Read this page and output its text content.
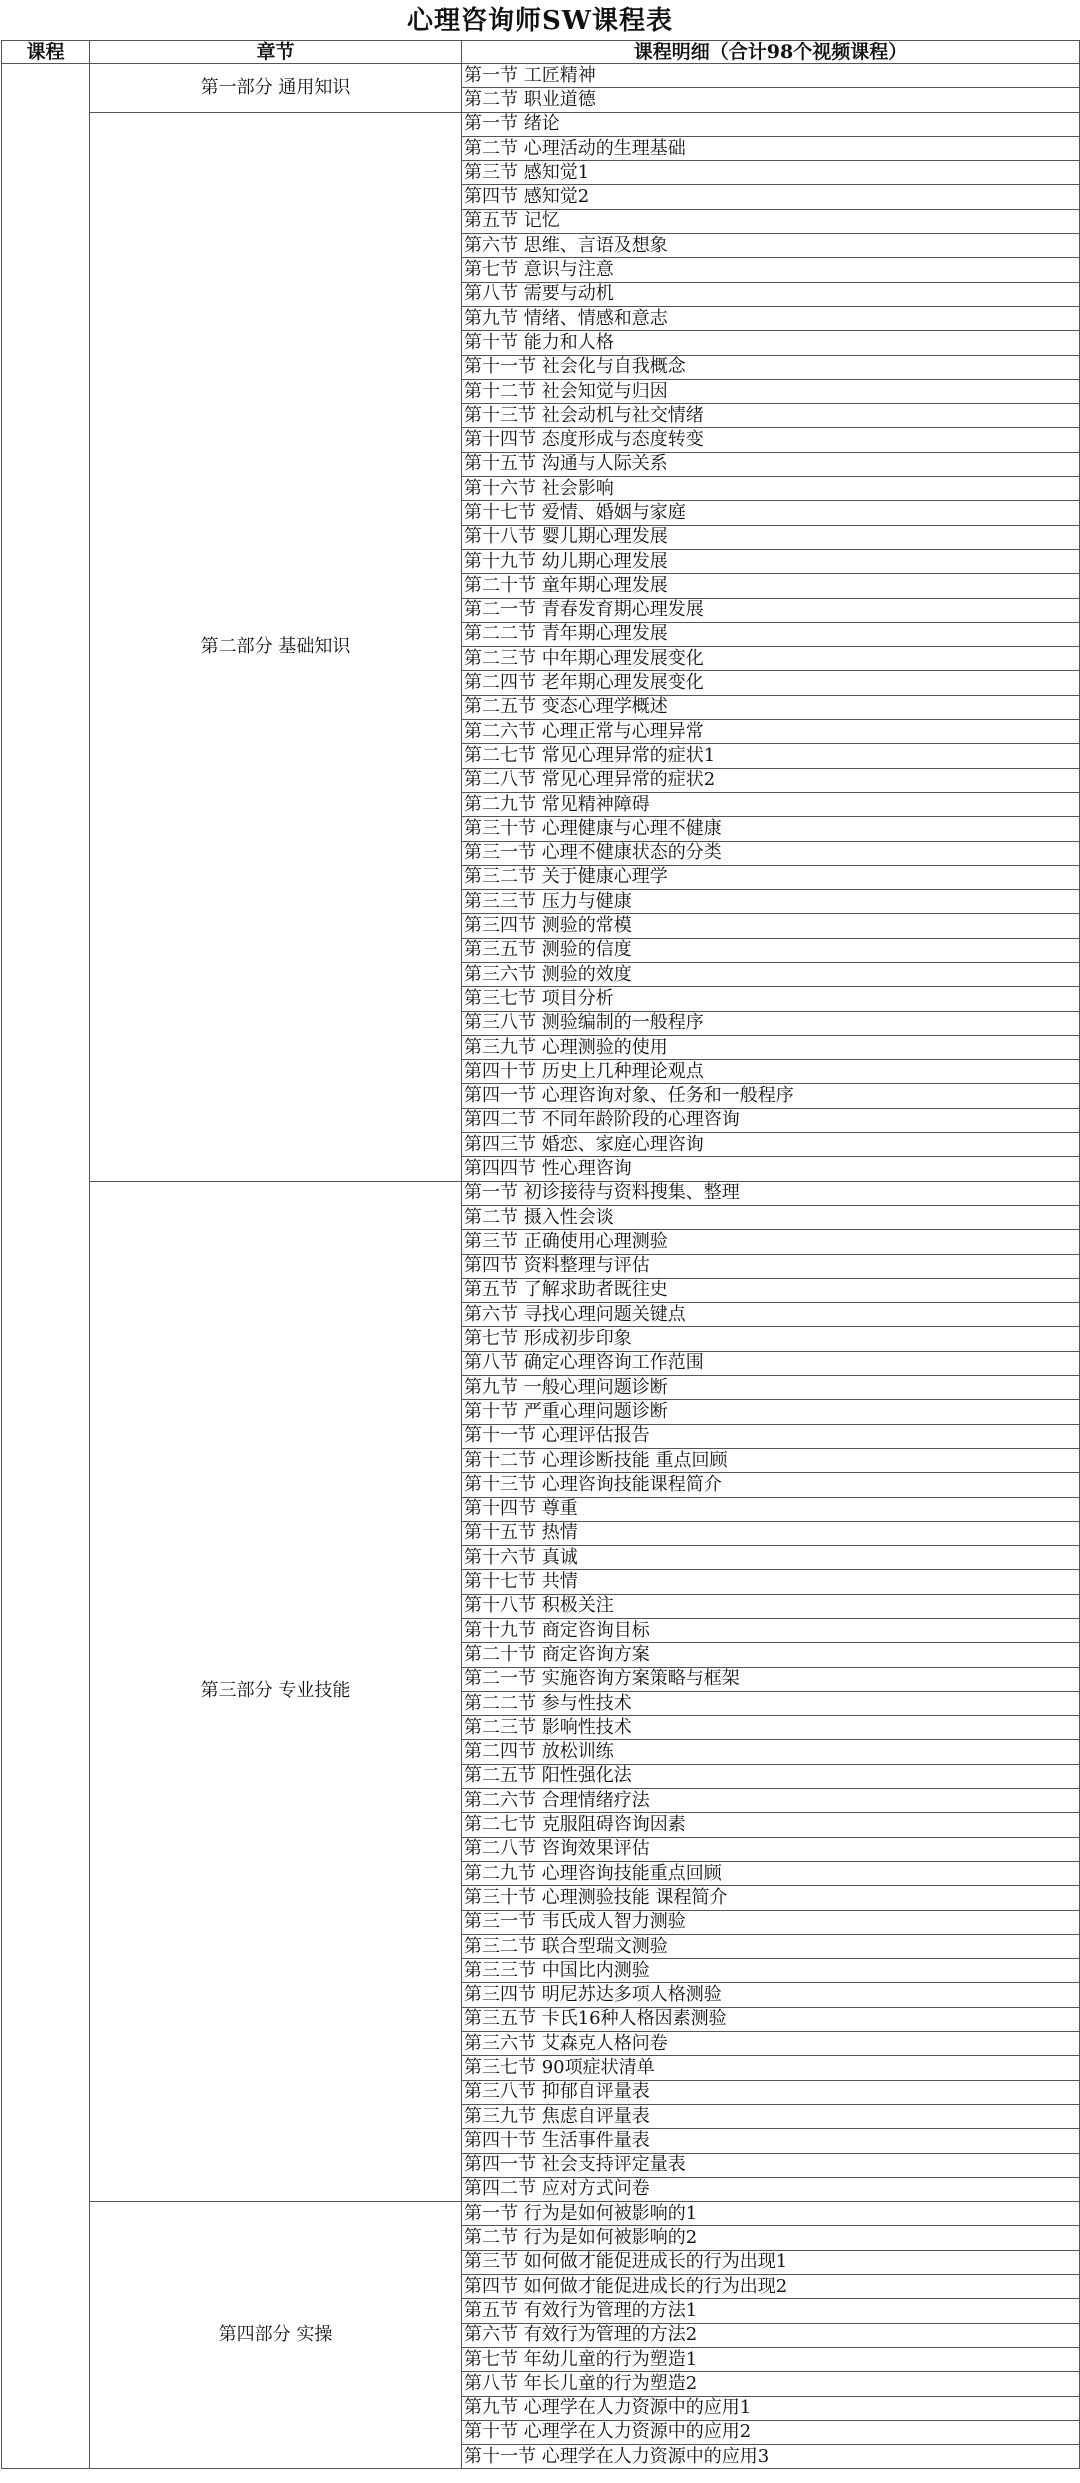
心理咨询师SW课程表
课程	章节	课程明细（合计98个视频课程）
	第一部分 通用知识	第一节 工匠精神
		第二节 职业道德
	第二部分 基础知识	第一节 绪论
		第二节 心理活动的生理基础
		第三节 感知觉1
		第四节 感知觉2
		第五节 记忆
		第六节 思维、言语及想象
		第七节 意识与注意
		第八节 需要与动机
		第九节 情绪、情感和意志
		第十节 能力和人格
		第十一节 社会化与自我概念
		第十二节 社会知觉与归因
		第十三节 社会动机与社交情绪
		第十四节 态度形成与态度转变
		第十五节 沟通与人际关系
		第十六节 社会影响
		第十七节 爱情、婚姻与家庭
		第十八节 婴儿期心理发展
		第十九节 幼儿期心理发展
		第二十节 童年期心理发展
		第二一节 青春发育期心理发展
		第二二节 青年期心理发展
		第二三节 中年期心理发展变化
		第二四节 老年期心理发展变化
		第二五节 变态心理学概述
		第二六节 心理正常与心理异常
		第二七节 常见心理异常的症状1
		第二八节 常见心理异常的症状2
		第二九节 常见精神障碍
		第三十节 心理健康与心理不健康
		第三一节 心理不健康状态的分类
		第三二节 关于健康心理学
		第三三节 压力与健康
		第三四节 测验的常模
		第三五节 测验的信度
		第三六节 测验的效度
		第三七节 项目分析
		第三八节 测验编制的一般程序
		第三九节 心理测验的使用
		第四十节 历史上几种理论观点
		第四一节 心理咨询对象、任务和一般程序
		第四二节 不同年龄阶段的心理咨询
		第四三节 婚恋、家庭心理咨询
		第四四节 性心理咨询
	第三部分 专业技能	第一节 初诊接待与资料搜集、整理
		第二节 摄入性会谈
		第三节 正确使用心理测验
		第四节 资料整理与评估
		第五节 了解求助者既往史
		第六节 寻找心理问题关键点
		第七节 形成初步印象
		第八节 确定心理咨询工作范围
		第九节 一般心理问题诊断
		第十节 严重心理问题诊断
		第十一节 心理评估报告
		第十二节 心理诊断技能 重点回顾
		第十三节 心理咨询技能课程简介
		第十四节 尊重
		第十五节 热情
		第十六节 真诚
		第十七节 共情
		第十八节 积极关注
		第十九节 商定咨询目标
		第二十节 商定咨询方案
		第二一节 实施咨询方案策略与框架
		第二二节 参与性技术
		第二三节 影响性技术
		第二四节 放松训练
		第二五节 阳性强化法
		第二六节 合理情绪疗法
		第二七节 克服阻碍咨询因素
		第二八节 咨询效果评估
		第二九节 心理咨询技能重点回顾
		第三十节 心理测验技能 课程简介
		第三一节 韦氏成人智力测验
		第三二节 联合型瑞文测验
		第三三节 中国比内测验
		第三四节 明尼苏达多项人格测验
		第三五节 卡氏16种人格因素测验
		第三六节 艾森克人格问卷
		第三七节 90项症状清单
		第三八节 抑郁自评量表
		第三九节 焦虑自评量表
		第四十节 生活事件量表
		第四一节 社会支持评定量表
		第四二节 应对方式问卷
	第四部分 实操	第一节 行为是如何被影响的1
		第二节 行为是如何被影响的2
		第三节 如何做才能促进成长的行为出现1
		第四节 如何做才能促进成长的行为出现2
		第五节 有效行为管理的方法1
		第六节 有效行为管理的方法2
		第七节 年幼儿童的行为塑造1
		第八节 年长儿童的行为塑造2
		第九节 心理学在人力资源中的应用1
		第十节 心理学在人力资源中的应用2
		第十一节 心理学在人力资源中的应用3
